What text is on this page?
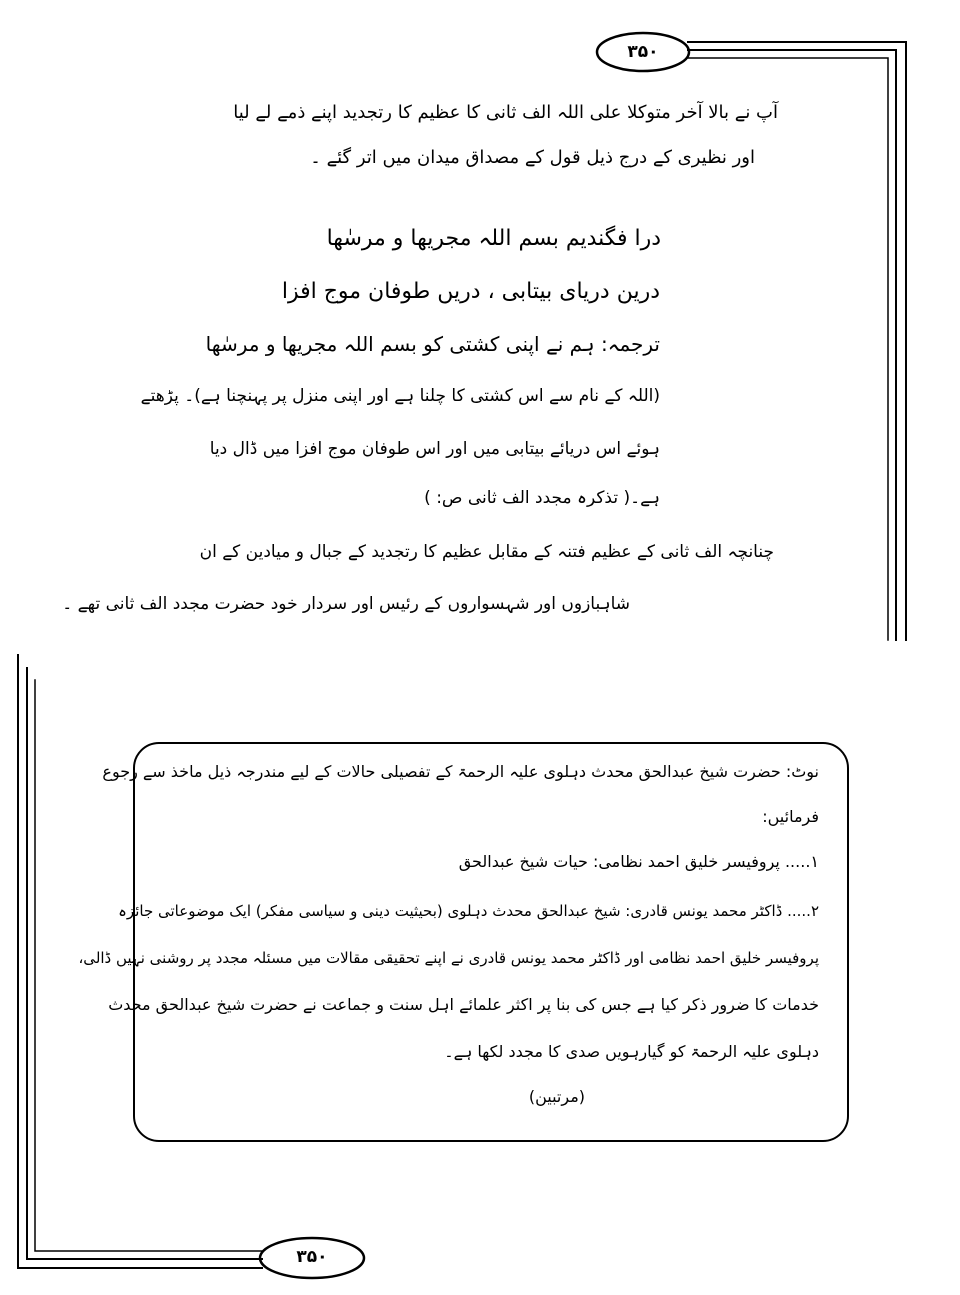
۳۵۰
۳۵۰
آپ نے بالا آخر متوکلا علی اللہ الف ثانی کا عظیم کا رتجدید اپنے ذمے لے لیا
اور نظیری کے درج ذیل قول کے مصداق میدان میں اتر گئے ۔
درا فگندیم بسم اللہ مجریھا و مرسٰھا
درین دریای بیتابی ، دریں طوفان موج افزا
ترجمہ: ہم نے اپنی کشتی کو بسم اللہ مجریھا و مرسٰھا
(اللہ کے نام سے اس کشتی کا چلنا ہے اور اپنی منزل پر پہنچنا ہے)۔ پڑھتے
ہوئے اس دریائے بیتابی میں اور اس طوفان موج افزا میں ڈال دیا
ہے۔( تذکرہ مجدد الف ثانی ص: )
چنانچہ الف ثانی کے عظیم فتنہ کے مقابل عظیم کا رتجدید کے جبال و میادین کے ان
شاہبازوں اور شہسواروں کے رئیس اور سردار خود حضرت مجدد الف ثانی تھے ۔
نوٹ: حضرت شیخ عبدالحق محدث دہلوی علیہ الرحمۃ کے تفصیلی حالات کے لیے مندرجہ ذیل ماخذ سے رجوع
فرمائیں:
۱..... پروفیسر خلیق احمد نظامی: حیات شیخ عبدالحق
۲..... ڈاکٹر محمد یونس قادری: شیخ عبدالحق محدث دہلوی (بحیثیت دینی و سیاسی مفکر) ایک موضوعاتی جائزہ
پروفیسر خلیق احمد نظامی اور ڈاکٹر محمد یونس قادری نے اپنے تحقیقی مقالات میں مسئلہ مجدد پر روشنی نہیں ڈالی،
خدمات کا ضرور ذکر کیا ہے جس کی بنا پر اکثر علمائے اہل سنت و جماعت نے حضرت شیخ عبدالحق محدث
دہلوی علیہ الرحمۃ کو گیارہویں صدی کا مجدد لکھا ہے۔
(مرتبین)
